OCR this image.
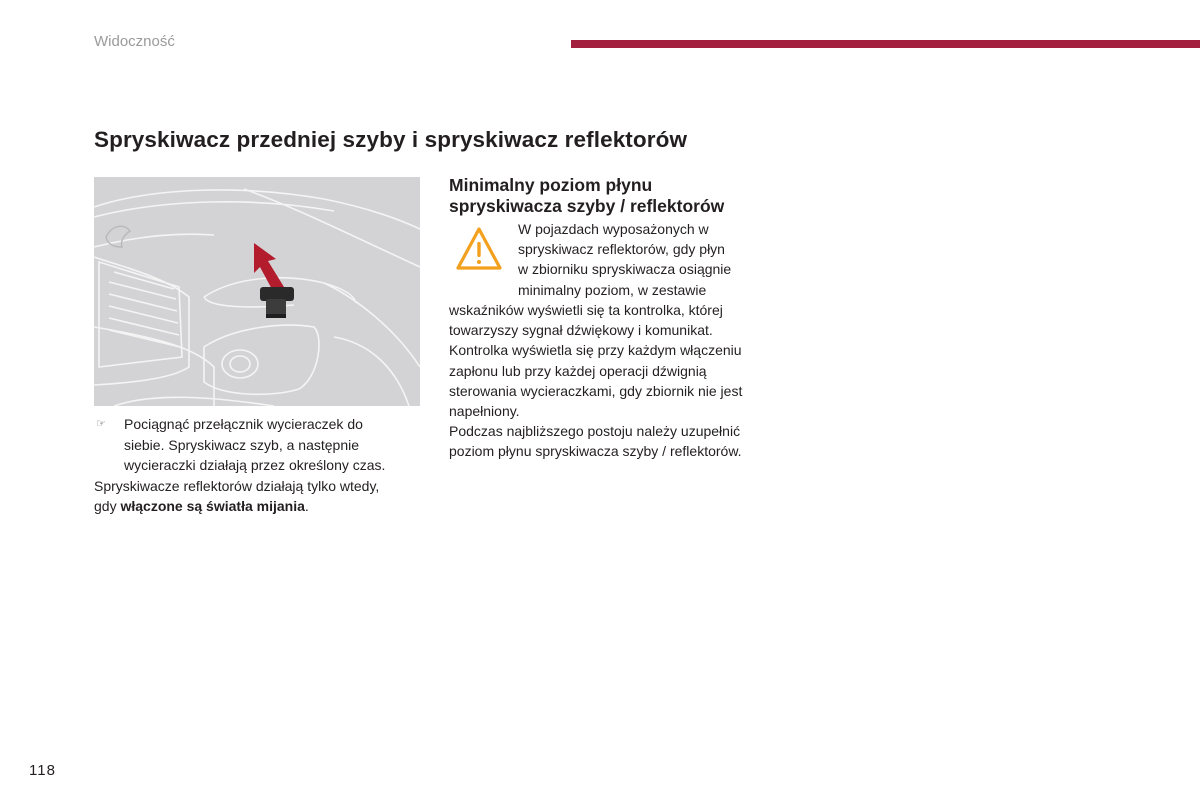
Widoczność
Spryskiwacz przedniej szyby i spryskiwacz reflektorów
☞	Pociągnąć przełącznik wycieraczek do
siebie. Spryskiwacz szyb, a następnie
wycieraczki działają przez określony czas.

Spryskiwacze reflektorów działają tylko wtedy,
gdy włączone są światła mijania.

Minimalny poziom płynu
spryskiwacza szyby / reflektorów

W pojazdach wyposażonych w
spryskiwacz reflektorów, gdy płyn
w zbiorniku spryskiwacza osiągnie
minimalny poziom, w zestawie

wskaźników wyświetli się ta kontrolka, której
towarzyszy sygnał dźwiękowy i komunikat.
Kontrolka wyświetla się przy każdym włączeniu
zapłonu lub przy każdej operacji dźwignią
sterowania wycieraczkami, gdy zbiornik nie jest
napełniony.

Podczas najbliższego postoju należy uzupełnić
poziom płynu spryskiwacza szyby / reflektorów.

118
